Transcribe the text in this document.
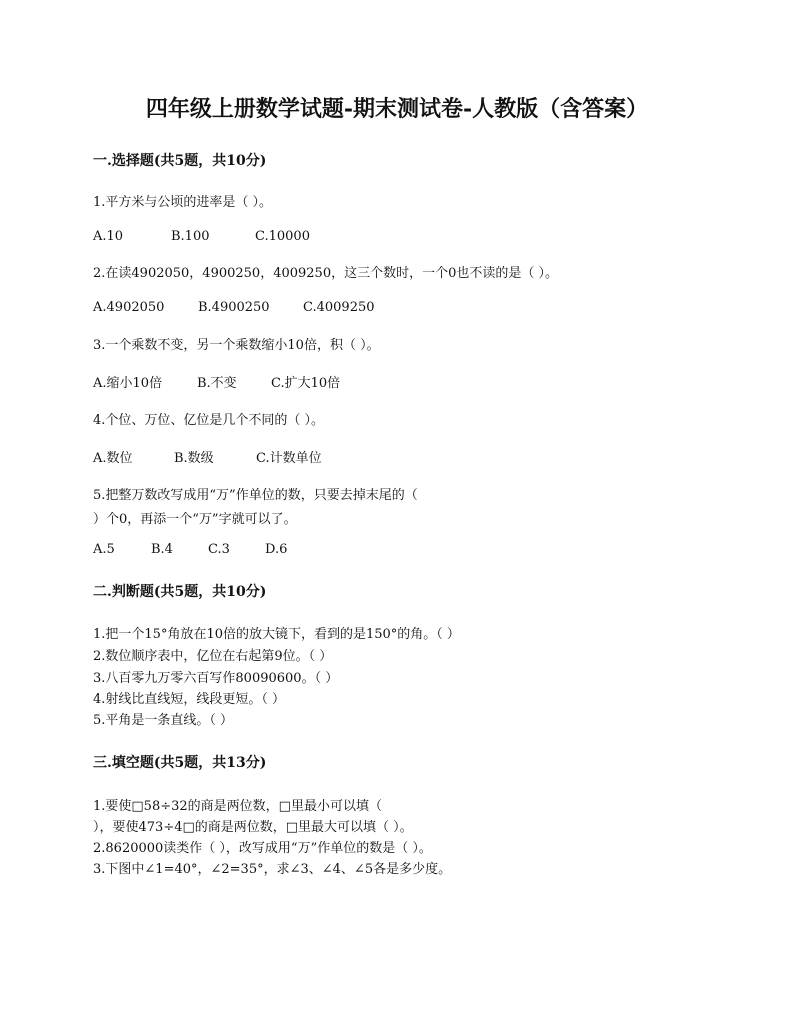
四年级上册数学试题-期末测试卷-人教版（含答案）
一.选择题(共5题，共10分)
1.平方米与公顷的进率是（ ）。
A.10	B.100	C.10000
2.在读4902050，4900250，4009250，这三个数时，一个0也不读的是（ ）。
A.4902050	B.4900250	C.4009250
3.一个乘数不变，另一个乘数缩小10倍，积（ ）。
A.缩小10倍	B.不变	C.扩大10倍
4.个位、万位、亿位是几个不同的（ ）。
A.数位	B.数级	C.计数单位
5.把整万数改写成用“万”作单位的数，只要去掉末尾的（
）个0，再添一个“万”字就可以了。
A.5	B.4	C.3	D.6
二.判断题(共5题，共10分)
1.把一个15°角放在10倍的放大镜下，看到的是150°的角。（ ）
2.数位顺序表中，亿位在右起第9位。（ ）
3.八百零九万零六百写作80090600。（ ）
4.射线比直线短，线段更短。（ ）
5.平角是一条直线。（ ）
三.填空题(共5题，共13分)
1.要使□58÷32的商是两位数，□里最小可以填（
），要使473÷4□的商是两位数，□里最大可以填（ ）。
2.8620000读类作（ ），改写成用“万”作单位的数是（ ）。
3.下图中∠1=40°，∠2=35°，求∠3、∠4、∠5各是多少度。
